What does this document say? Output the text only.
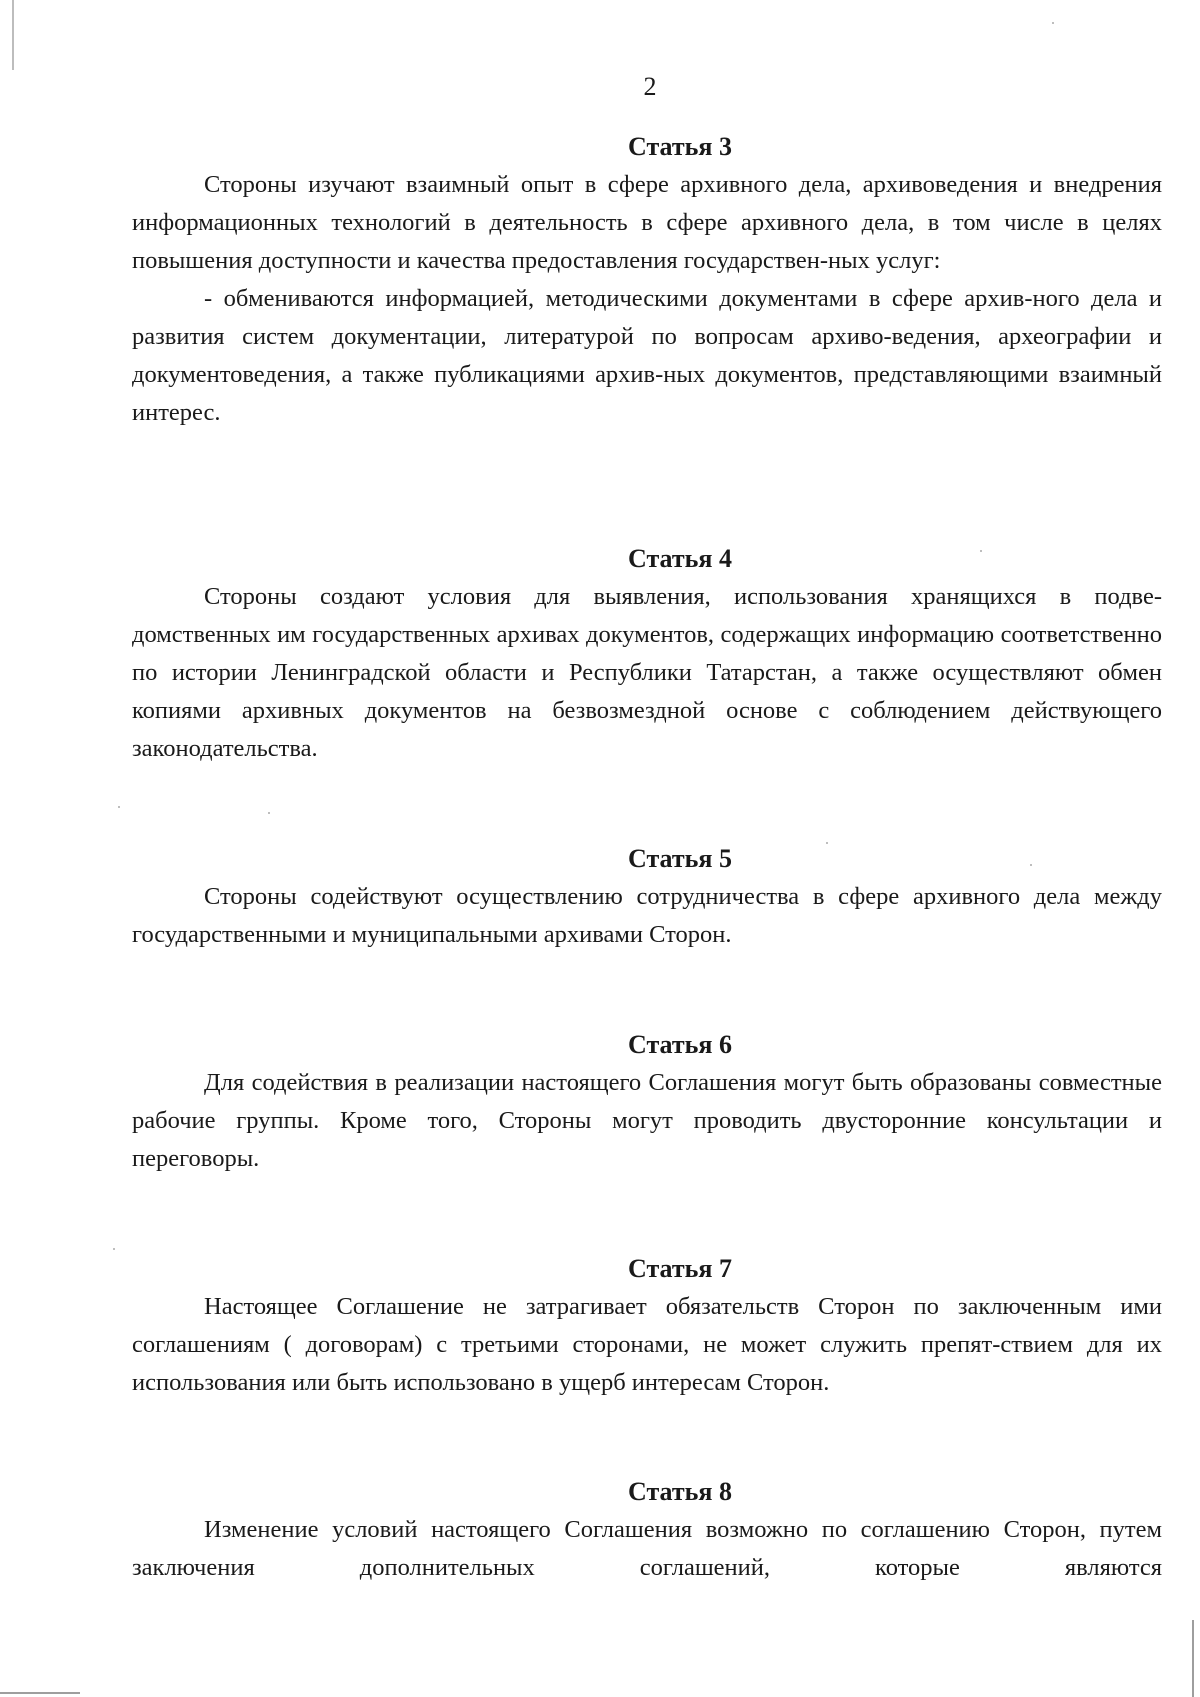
2
Статья 3

Стороны изучают взаимный опыт в сфере архивного дела, архивоведения и внедрения информационных технологий в деятельность в сфере архивного дела, в том числе в целях повышения доступности и качества предоставления государствен-ных услуг:

- обмениваются информацией, методическими документами в сфере архив-ного дела и развития систем документации, литературой по вопросам архиво-ведения, археографии и документоведения, а также публикациями архив-ных документов, представляющими взаимный интерес.

Статья 4

Стороны создают условия для выявления, использования хранящихся в подве-домственных им государственных архивах документов, содержащих информацию соответственно по истории Ленинградской области и Республики Татарстан, а также осуществляют обмен копиями архивных документов на безвозмездной основе с соблюдением действующего законодательства.

Статья 5

Стороны содействуют осуществлению сотрудничества в сфере архивного дела между государственными и муниципальными архивами Сторон.

Статья 6

Для содействия в реализации настоящего Соглашения могут быть образованы совместные рабочие группы. Кроме того, Стороны могут проводить двусторонние консультации и переговоры.

Статья 7

Настоящее Соглашение не затрагивает обязательств Сторон по заключенным ими соглашениям ( договорам) с третьими сторонами, не может служить препят-ствием для их использования или быть использовано в ущерб интересам Сторон.

Статья 8

Изменение условий настоящего Соглашения возможно по соглашению Сторон, путем заключения дополнительных соглашений, которые являются
